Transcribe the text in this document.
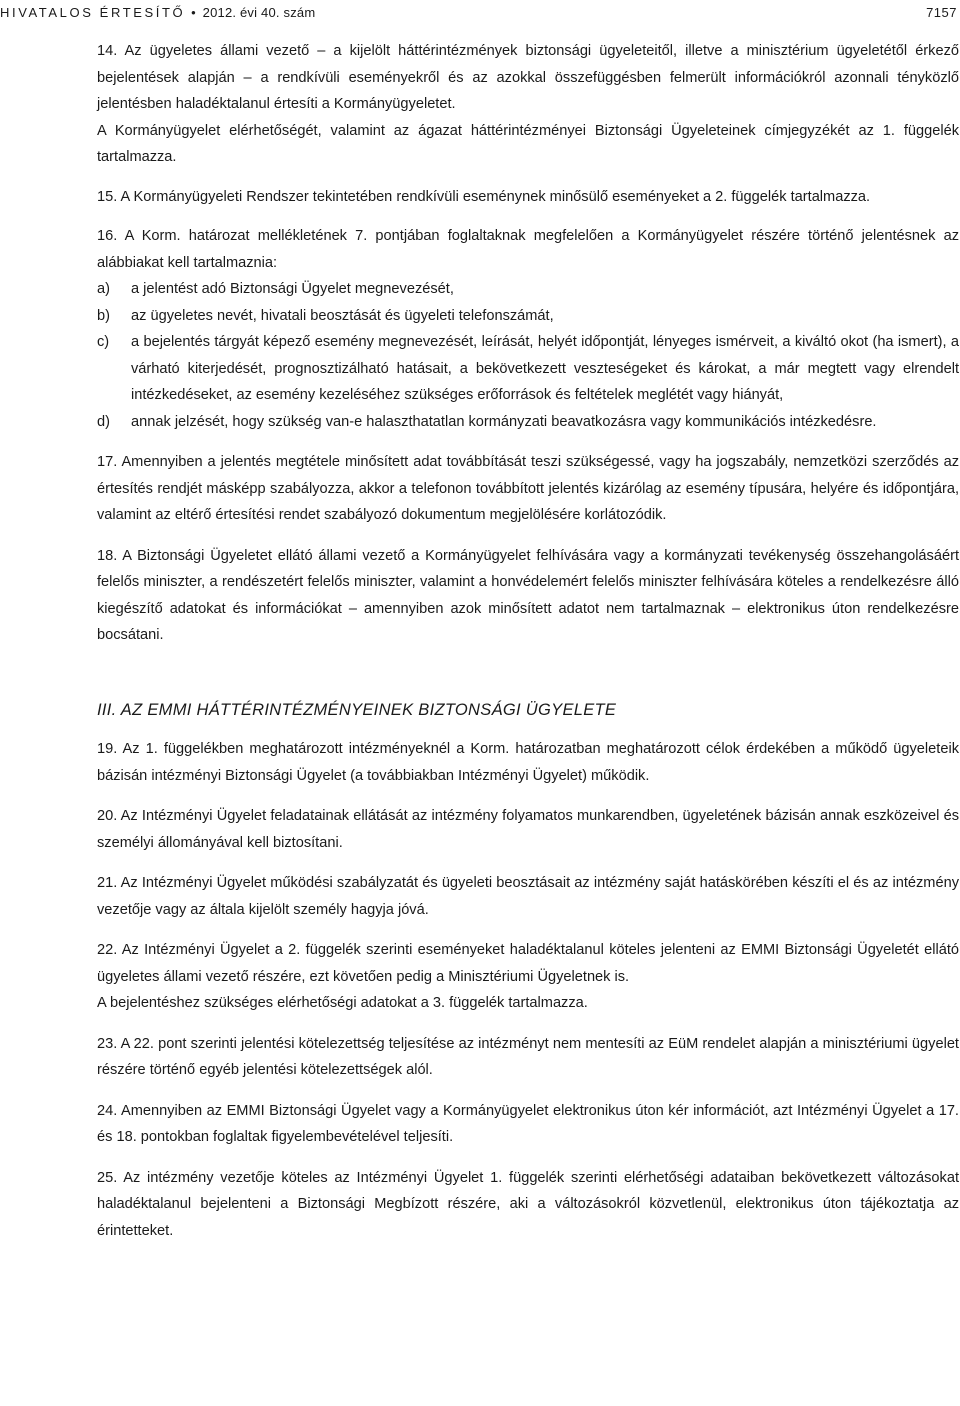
HIVATALOS ÉRTESÍTŐ • 2012. évi 40. szám	7157

14. Az ügyeletes állami vezető – a kijelölt háttérintézmények biztonsági ügyeleteitől, illetve a minisztérium ügyeletétől érkező bejelentések alapján – a rendkívüli eseményekről és az azokkal összefüggésben felmerült információkról azonnali tényközlő jelentésben haladéktalanul értesíti a Kormányügyeletet.

A Kormányügyelet elérhetőségét, valamint az ágazat háttérintézményei Biztonsági Ügyeleteinek címjegyzékét az 1. függelék tartalmazza.

15. A Kormányügyeleti Rendszer tekintetében rendkívüli eseménynek minősülő eseményeket a 2. függelék tartalmazza.

16. A Korm. határozat mellékletének 7. pontjában foglaltaknak megfelelően a Kormányügyelet részére történő jelentésnek az alábbiakat kell tartalmaznia:

a)	a jelentést adó Biztonsági Ügyelet megnevezését,
b)	az ügyeletes nevét, hivatali beosztását és ügyeleti telefonszámát,
c)	a bejelentés tárgyát képező esemény megnevezését, leírását, helyét időpontját, lényeges ismérveit, a kiváltó okot (ha ismert), a várható kiterjedését, prognosztizálható hatásait, a bekövetkezett veszteségeket és károkat, a már megtett vagy elrendelt intézkedéseket, az esemény kezeléséhez szükséges erőforrások és feltételek meglétét vagy hiányát,
d)	annak jelzését, hogy szükség van-e halaszthatatlan kormányzati beavatkozásra vagy kommunikációs intézkedésre.

17. Amennyiben a jelentés megtétele minősített adat továbbítását teszi szükségessé, vagy ha jogszabály, nemzetközi szerződés az értesítés rendjét másképp szabályozza, akkor a telefonon továbbított jelentés kizárólag az esemény típusára, helyére és időpontjára, valamint az eltérő értesítési rendet szabályozó dokumentum megjelölésére korlátozódik.

18. A Biztonsági Ügyeletet ellátó állami vezető a Kormányügyelet felhívására vagy a kormányzati tevékenység összehangolásáért felelős miniszter, a rendészetért felelős miniszter, valamint a honvédelemért felelős miniszter felhívására köteles a rendelkezésre álló kiegészítő adatokat és információkat – amennyiben azok minősített adatot nem tartalmaznak – elektronikus úton rendelkezésre bocsátani.

III. AZ EMMI HÁTTÉRINTÉZMÉNYEINEK BIZTONSÁGI ÜGYELETE

19. Az 1. függelékben meghatározott intézményeknél a Korm. határozatban meghatározott célok érdekében a működő ügyeleteik bázisán intézményi Biztonsági Ügyelet (a továbbiakban Intézményi Ügyelet) működik.

20. Az Intézményi Ügyelet feladatainak ellátását az intézmény folyamatos munkarendben, ügyeletének bázisán annak eszközeivel és személyi állományával kell biztosítani.

21. Az Intézményi Ügyelet működési szabályzatát és ügyeleti beosztásait az intézmény saját hatáskörében készíti el és az intézmény vezetője vagy az általa kijelölt személy hagyja jóvá.

22. Az Intézményi Ügyelet a 2. függelék szerinti eseményeket haladéktalanul köteles jelenteni az EMMI Biztonsági Ügyeletét ellátó ügyeletes állami vezető részére, ezt követően pedig a Minisztériumi Ügyeletnek is.

A bejelentéshez szükséges elérhetőségi adatokat a 3. függelék tartalmazza.

23. A 22. pont szerinti jelentési kötelezettség teljesítése az intézményt nem mentesíti az EüM rendelet alapján a minisztériumi ügyelet részére történő egyéb jelentési kötelezettségek alól.

24. Amennyiben az EMMI Biztonsági Ügyelet vagy a Kormányügyelet elektronikus úton kér információt, azt Intézményi Ügyelet a 17. és 18. pontokban foglaltak figyelembevételével teljesíti.

25. Az intézmény vezetője köteles az Intézményi Ügyelet 1. függelék szerinti elérhetőségi adataiban bekövetkezett változásokat haladéktalanul bejelenteni a Biztonsági Megbízott részére, aki a változásokról közvetlenül, elektronikus úton tájékoztatja az érintetteket.
